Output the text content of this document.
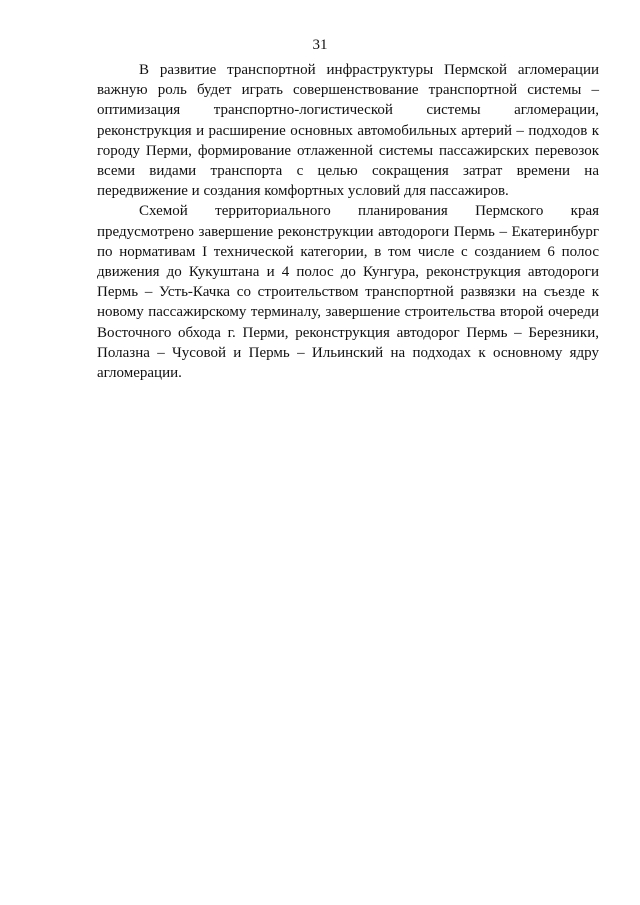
31

В развитие транспортной инфраструктуры Пермской агломерации важную роль будет играть совершенствование транспортной системы – оптимизация транспортно-логистической системы агломерации, реконструкция и расширение основных автомобильных артерий – подходов к городу Перми, формирование отлаженной системы пассажирских перевозок всеми видами транспорта с целью сокращения затрат времени на передвижение и создания комфортных условий для пассажиров.

Схемой территориального планирования Пермского края предусмотрено завершение реконструкции автодороги Пермь – Екатеринбург по нормативам I технической категории, в том числе с созданием 6 полос движения до Кукуштана и 4 полос до Кунгура, реконструкция автодороги Пермь – Усть-Качка со строительством транспортной развязки на съезде к новому пассажирскому терминалу, завершение строительства второй очереди Восточного обхода г. Перми, реконструкция автодорог Пермь – Березники, Полазна – Чусовой и Пермь – Ильинский на подходах к основному ядру агломерации.
